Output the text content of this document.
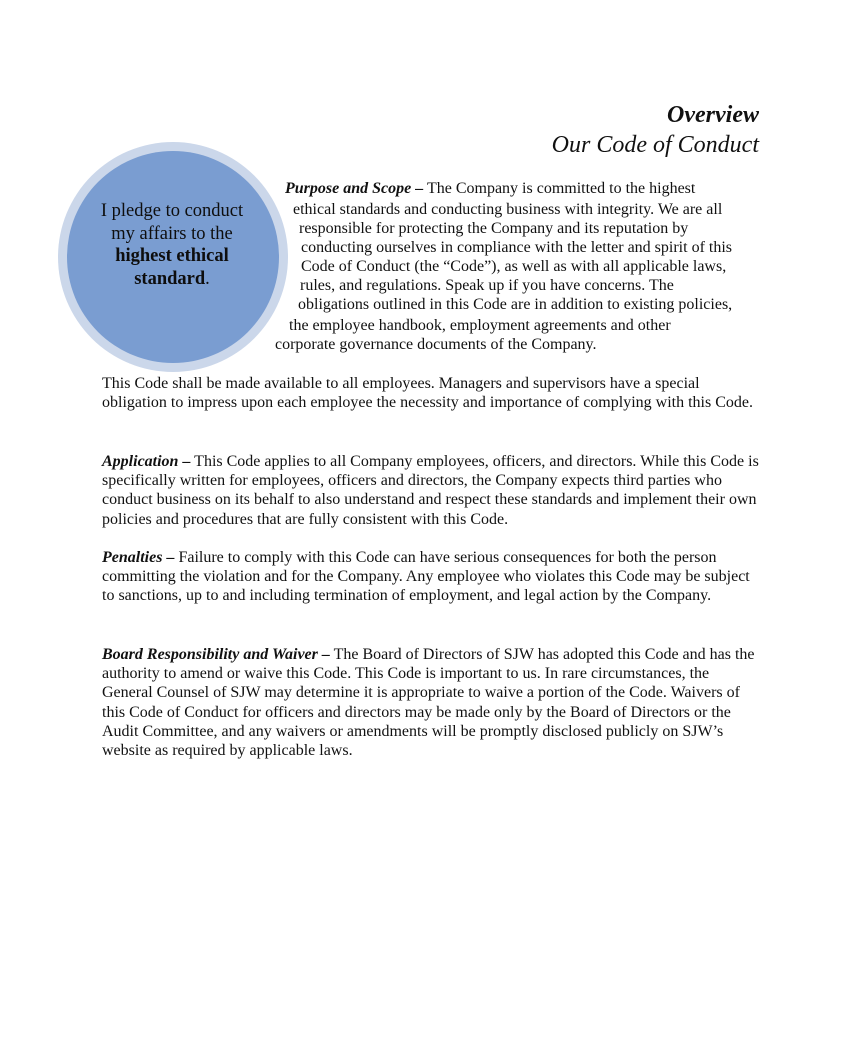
Overview
Our Code of Conduct
I pledge to conduct my affairs to the highest ethical standard.
Purpose and Scope – The Company is committed to the highest
ethical standards and conducting business with integrity. We are all
responsible for protecting the Company and its reputation by
conducting ourselves in compliance with the letter and spirit of this
Code of Conduct (the “Code”), as well as with all applicable laws,
rules, and regulations. Speak up if you have concerns. The
obligations outlined in this Code are in addition to existing policies,
the employee handbook, employment agreements and other
corporate governance documents of the Company.
This Code shall be made available to all employees. Managers and supervisors have a special obligation to impress upon each employee the necessity and importance of complying with this Code.
Application – This Code applies to all Company employees, officers, and directors. While this Code is specifically written for employees, officers and directors, the Company expects third parties who conduct business on its behalf to also understand and respect these standards and implement their own policies and procedures that are fully consistent with this Code.
Penalties – Failure to comply with this Code can have serious consequences for both the person committing the violation and for the Company. Any employee who violates this Code may be subject to sanctions, up to and including termination of employment, and legal action by the Company.
Board Responsibility and Waiver – The Board of Directors of SJW has adopted this Code and has the authority to amend or waive this Code. This Code is important to us. In rare circumstances, the General Counsel of SJW may determine it is appropriate to waive a portion of the Code. Waivers of this Code of Conduct for officers and directors may be made only by the Board of Directors or the Audit Committee, and any waivers or amendments will be promptly disclosed publicly on SJW’s website as required by applicable laws.
